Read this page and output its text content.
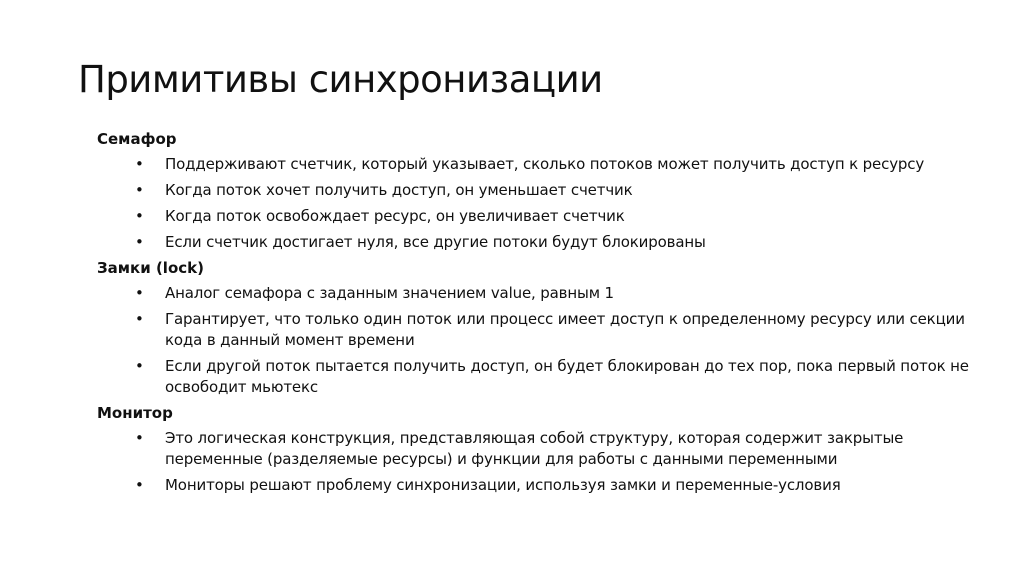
Примитивы синхронизации
Семафор
• Поддерживают счетчик, который указывает, сколько потоков может получить доступ к ресурсу
• Когда поток хочет получить доступ, он уменьшает счетчик
• Когда поток освобождает ресурс, он увеличивает счетчик
• Если счетчик достигает нуля, все другие потоки будут блокированы
Замки (lock)
• Аналог семафора с заданным значением value, равным 1
• Гарантирует, что только один поток или процесс имеет доступ к определенному ресурсу или секции кода в данный момент времени
• Если другой поток пытается получить доступ, он будет блокирован до тех пор, пока первый поток не освободит мьютекс
Монитор
• Это логическая конструкция, представляющая собой структуру, которая содержит закрытые переменные (разделяемые ресурсы) и функции для работы с данными переменными
• Мониторы решают проблему синхронизации, используя замки и переменные-условия
